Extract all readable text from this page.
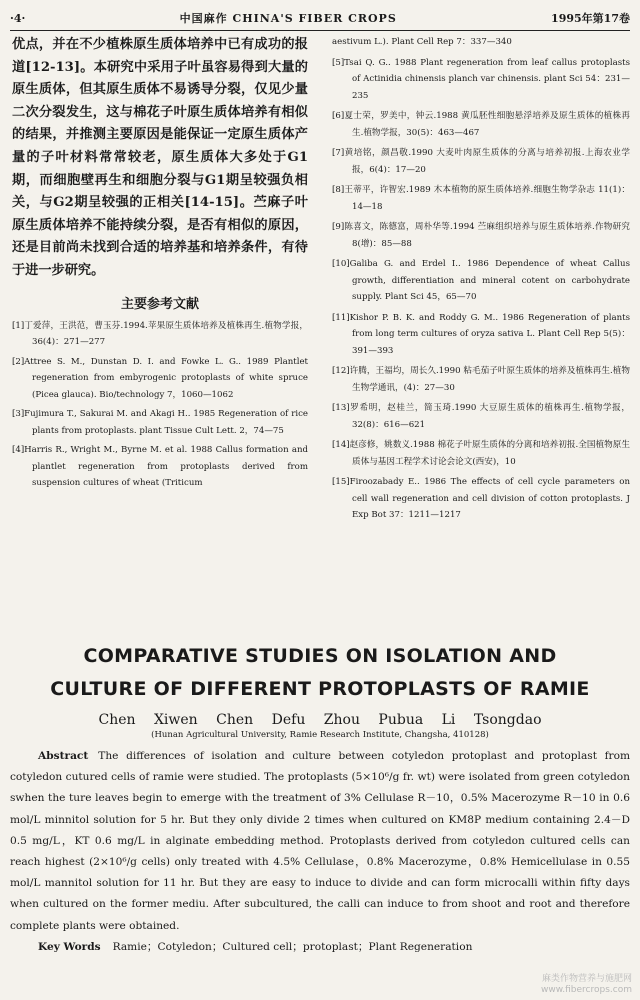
·4·	中国麻作 CHINA'S FIBER CROPS	1995年第17卷

优点，并在不少植株原生质体培养中已有成功的报道[12-13]。本研究中采用子叶虽容易得到大量的原生质体，但其原生质体不易诱导分裂，仅见少量二次分裂发生，这与棉花子叶原生质体培养有相似的结果，并推测主要原因是能保证一定原生质体产量的子叶材料常常较老，原生质体大多处于G1期，而细胞壁再生和细胞分裂与G1期呈较强负相关，与G2期呈较强的正相关[14-15]。苎麻子叶原生质体培养不能持续分裂，是否有相似的原因，还是目前尚未找到合适的培养基和培养条件，有待于进一步研究。

主要参考文献

[1]丁爱萍，王洪范，曹玉芬.1994.苹果原生质体培养及植株再生.植物学报，36(4)：271—277

[2]Attree S. M., Dunstan D. I. and Fowke L. G.. 1989 Plantlet regeneration from embyrogenic protoplasts of white spruce (Picea glauca). Bio/technology 7，1060—1062

[3]Fujimura T., Sakurai M. and Akagi H.. 1985 Regeneration of rice plants from protoplasts. plant Tissue Cult Lett. 2，74—75

[4]Harris R., Wright M., Byrne M. et al. 1988 Callus formation and plantlet regeneration from protoplasts derived from suspension cultures of wheat (Triticum

aestivum L.). Plant Cell Rep 7：337—340

[5]Tsai Q. G.. 1988 Plant regeneration from leaf callus protoplasts of Actinidia chinensis planch var chinensis. plant Sci 54：231—235

[6]夏士荣，罗美中，钟云.1988 黄瓜胚性细胞悬浮培养及原生质体的植株再生.植物学报，30(5)：463—467

[7]黄培铭，颜昌敬.1990 大麦叶肉原生质体的分离与培养初报.上海农业学报，6(4)：17—20

[8]王蒂平，许智宏.1989 木本植物的原生质体培养.细胞生物学杂志 11(1)：14—18

[9]陈喜文，陈德富，周朴华等.1994 苎麻组织培养与原生质体培养.作物研究 8(增)：85—88

[10]Galiba G. and Erdel I.. 1986 Dependence of wheat Callus growth, differentiation and mineral cotent on carbohydrate supply. Plant Sci 45，65—70

[11]Kishor P. B. K. and Roddy G. M.. 1986 Regeneration of plants from long term cultures of oryza sativa L. Plant Cell Rep 5(5)：391—393

[12]许腾，王福均，周长久.1990 粘毛茄子叶原生质体的培养及植株再生.植物生物学通讯，(4)：27—30

[13]罗希明，赵桂兰，简玉琦.1990 大豆原生质体的植株再生.植物学报，32(8)：616—621

[14]赵彦修，姚数义.1988 棉花子叶原生质体的分离和培养初报.全国植物原生质体与基因工程学术讨论会论文(西安)，10

[15]Firoozabady E.. 1986 The effects of cell cycle parameters on cell wall regeneration and cell division of cotton protoplasts. J Exp Bot 37：1211—1217

COMPARATIVE STUDIES ON ISOLATION AND
CULTURE OF DIFFERENT PROTOPLASTS OF RAMIE
Chen Xiwen Chen Defu Zhou Pubua Li Tsongdao
(Hunan Agricultural University, Ramie Research Institute, Changsha, 410128)

Abstract The differences of isolation and culture between cotyledon protoplast and protoplast from cotyledon cutured cells of ramie were studied. The protoplasts (5×10⁶/g fr. wt) were isolated from green cotyledon swhen the ture leaves begin to emerge with the treatment of 3% Cellulase R－10，0.5% Macerozyme R－10 in 0.6 mol/L minnitol solution for 5 hr. But they only divide 2 times when cultured on KM8P medium containing 2.4－D 0.5 mg/L，KT 0.6 mg/L in alginate embedding method. Protoplasts derived from cotyledon cultured cells can reach highest (2×10⁶/g cells) only treated with 4.5% Cellulase，0.8% Macerozyme，0.8% Hemicellulase in 0.55 mol/L mannitol solution for 11 hr. But they are easy to induce to divide and can form microcalli within fifty days when cultured on the former mediu. After subcultured, the calli can induce to from shoot and root and therefore complete plants were obtained.

Key Words Ramie；Cotyledon；Cultured cell；protoplast；Plant Regeneration

麻类作物营养与施肥网
www.fibercrops.com
